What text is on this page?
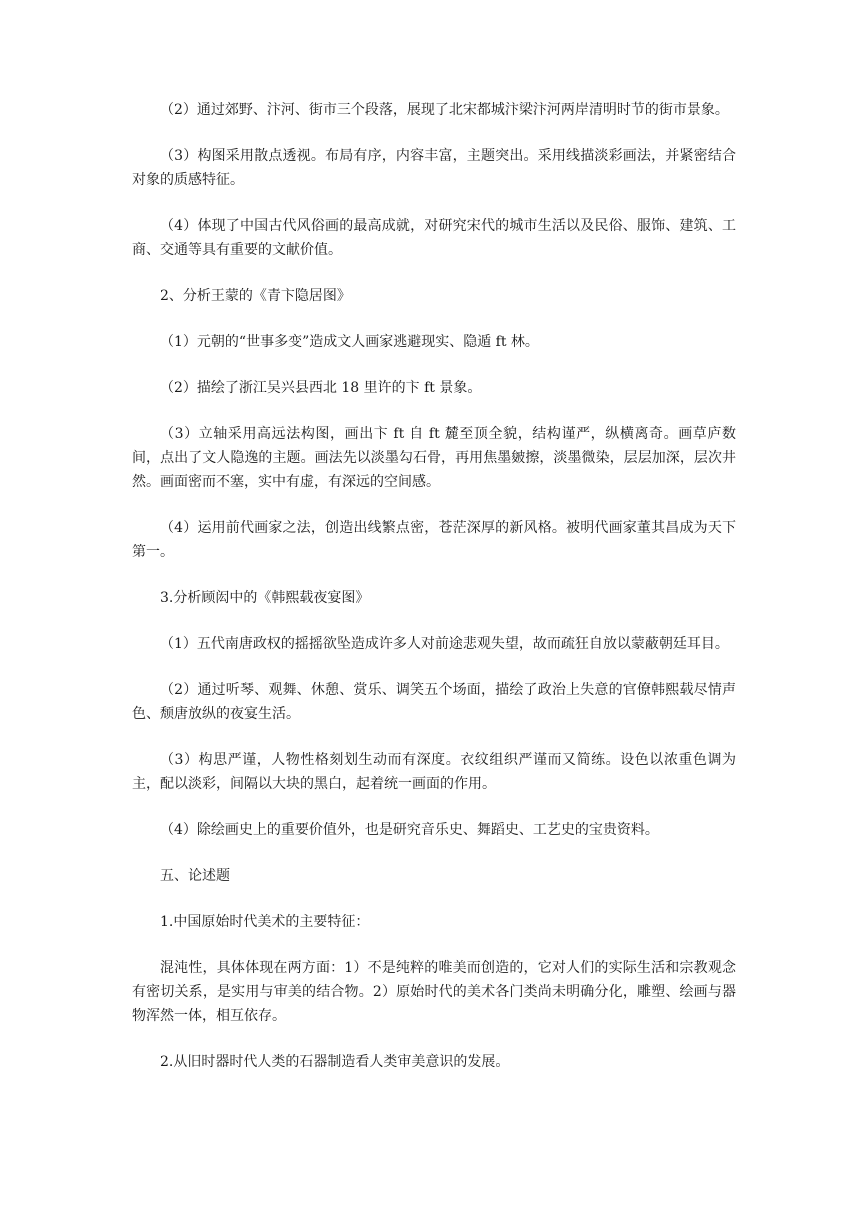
（2）通过郊野、汴河、街市三个段落，展现了北宋都城汴梁汴河两岸清明时节的街市景象。

（3）构图采用散点透视。布局有序，内容丰富，主题突出。采用线描淡彩画法，并紧密结合对象的质感特征。

（4）体现了中国古代风俗画的最高成就，对研究宋代的城市生活以及民俗、服饰、建筑、工商、交通等具有重要的文献价值。

2、分析王蒙的《青卞隐居图》

（1）元朝的“世事多变”造成文人画家逃避现实、隐遁 ft 林。

（2）描绘了浙江吴兴县西北 18 里许的卞 ft 景象。

（3）立轴采用高远法构图，画出卞 ft 自 ft 麓至顶全貌，结构谨严，纵横离奇。画草庐数间，点出了文人隐逸的主题。画法先以淡墨勾石骨，再用焦墨皴擦，淡墨微染，层层加深，层次井然。画面密而不塞，实中有虚，有深远的空间感。

（4）运用前代画家之法，创造出线繁点密，苍茫深厚的新风格。被明代画家董其昌成为天下第一。

3.分析顾闳中的《韩熙载夜宴图》

（1）五代南唐政权的摇摇欲坠造成许多人对前途悲观失望，故而疏狂自放以蒙蔽朝廷耳目。

（2）通过听琴、观舞、休憩、赏乐、调笑五个场面，描绘了政治上失意的官僚韩熙载尽情声色、颓唐放纵的夜宴生活。

（3）构思严谨，人物性格刻划生动而有深度。衣纹组织严谨而又简练。设色以浓重色调为主，配以淡彩，间隔以大块的黑白，起着统一画面的作用。

（4）除绘画史上的重要价值外，也是研究音乐史、舞蹈史、工艺史的宝贵资料。

五、论述题

1.中国原始时代美术的主要特征：

混沌性，具体体现在两方面：1）不是纯粹的唯美而创造的，它对人们的实际生活和宗教观念有密切关系，是实用与审美的结合物。2）原始时代的美术各门类尚未明确分化，雕塑、绘画与器物浑然一体，相互依存。

2.从旧时器时代人类的石器制造看人类审美意识的发展。
